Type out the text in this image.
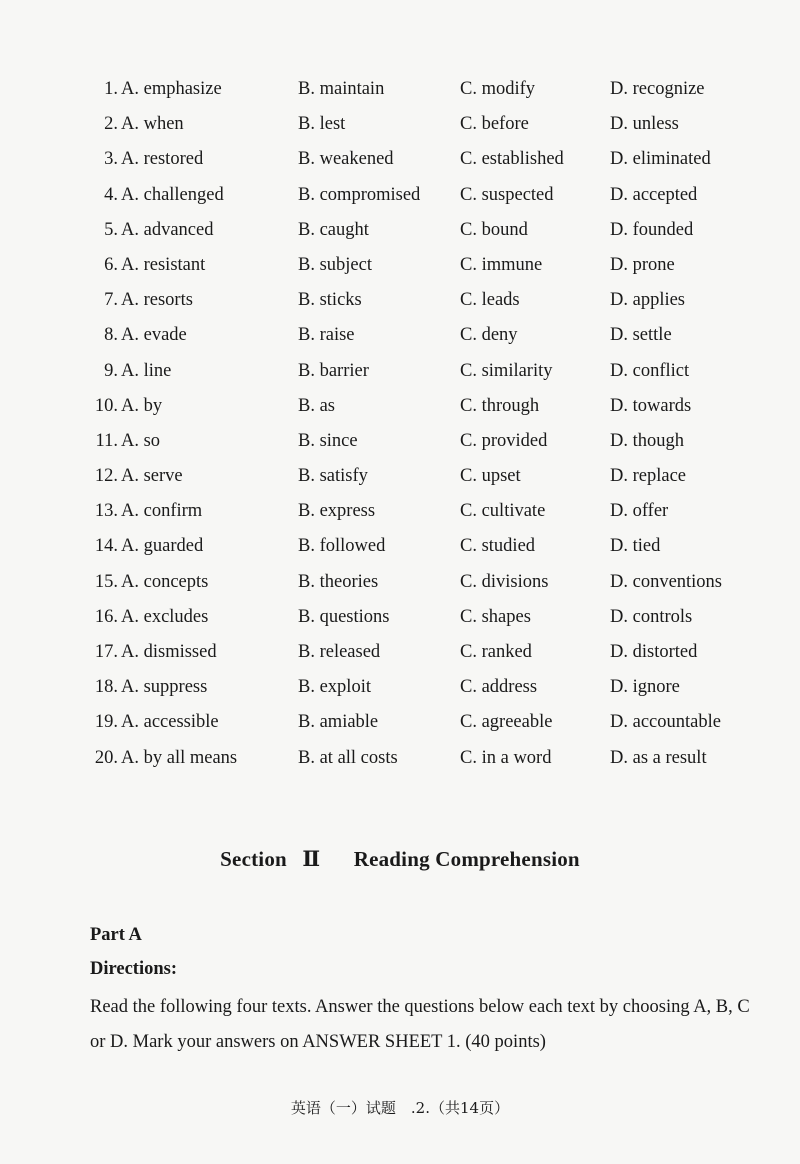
1. A. emphasize	B. maintain	C. modify	D. recognize
2. A. when	B. lest	C. before	D. unless
3. A. restored	B. weakened	C. established D. eliminated
4. A. challenged	B. compromised C. suspected	D. accepted
5. A. advanced	B. caught	C. bound	D. founded
6. A. resistant	B. subject	C. immune	D. prone
7. A. resorts	B. sticks	C. leads	D. applies
8. A. evade	B. raise	C. deny	D. settle
9. A. line	B. barrier	C. similarity	D. conflict
10. A. by	B. as	C. through	D. towards
11. A. so	B. since	C. provided	D. though
12. A. serve	B. satisfy	C. upset	D. replace
13. A. confirm	B. express	C. cultivate	D. offer
14. A. guarded	B. followed	C. studied	D. tied
15. A. concepts	B. theories	C. divisions	D. conventions
16. A. excludes	B. questions	C. shapes	D. controls
17. A. dismissed	B. released	C. ranked	D. distorted
18. A. suppress	B. exploit	C. address	D. ignore
19. A. accessible	B. amiable	C. agreeable	D. accountable
20. A. by all means	B. at all costs	C. in a word	D. as a result
Section Ⅱ Reading Comprehension
Part A
Directions:
Read the following four texts. Answer the questions below each text by choosing A, B, C or D. Mark your answers on ANSWER SHEET 1. (40 points)
英语（一）试题　.2.（共14页）
